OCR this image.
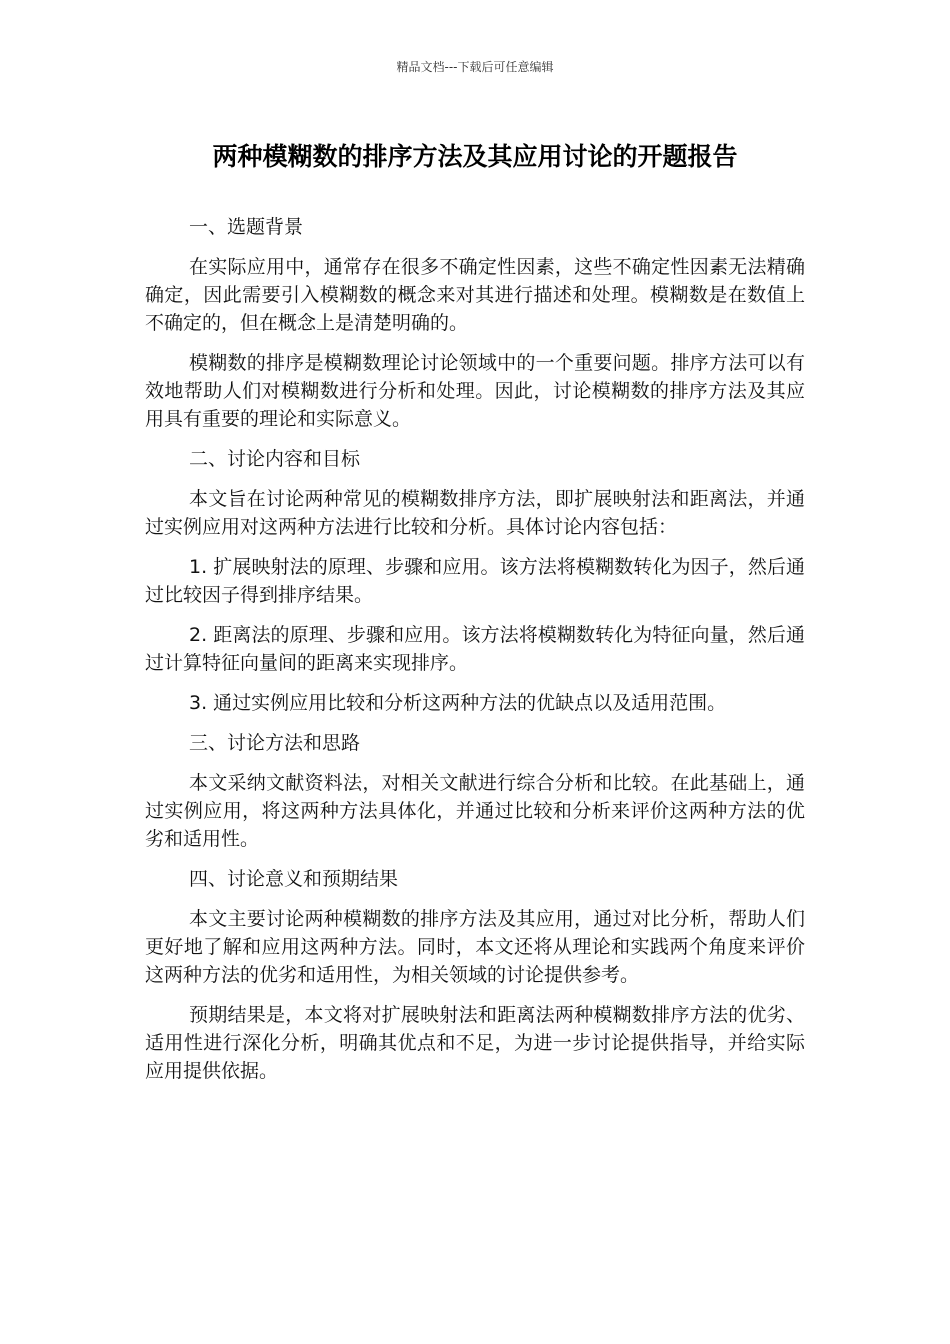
精品文档---下载后可任意编辑
两种模糊数的排序方法及其应用讨论的开题报告

一、选题背景

在实际应用中，通常存在很多不确定性因素，这些不确定性因素无法精确确定，因此需要引入模糊数的概念来对其进行描述和处理。模糊数是在数值上不确定的，但在概念上是清楚明确的。

模糊数的排序是模糊数理论讨论领域中的一个重要问题。排序方法可以有效地帮助人们对模糊数进行分析和处理。因此，讨论模糊数的排序方法及其应用具有重要的理论和实际意义。

二、讨论内容和目标

本文旨在讨论两种常见的模糊数排序方法，即扩展映射法和距离法，并通过实例应用对这两种方法进行比较和分析。具体讨论内容包括：

1. 扩展映射法的原理、步骤和应用。该方法将模糊数转化为因子，然后通过比较因子得到排序结果。

2. 距离法的原理、步骤和应用。该方法将模糊数转化为特征向量，然后通过计算特征向量间的距离来实现排序。

3. 通过实例应用比较和分析这两种方法的优缺点以及适用范围。

三、讨论方法和思路

本文采纳文献资料法，对相关文献进行综合分析和比较。在此基础上，通过实例应用，将这两种方法具体化，并通过比较和分析来评价这两种方法的优劣和适用性。

四、讨论意义和预期结果

本文主要讨论两种模糊数的排序方法及其应用，通过对比分析，帮助人们更好地了解和应用这两种方法。同时，本文还将从理论和实践两个角度来评价这两种方法的优劣和适用性，为相关领域的讨论提供参考。

预期结果是，本文将对扩展映射法和距离法两种模糊数排序方法的优劣、适用性进行深化分析，明确其优点和不足，为进一步讨论提供指导，并给实际应用提供依据。
